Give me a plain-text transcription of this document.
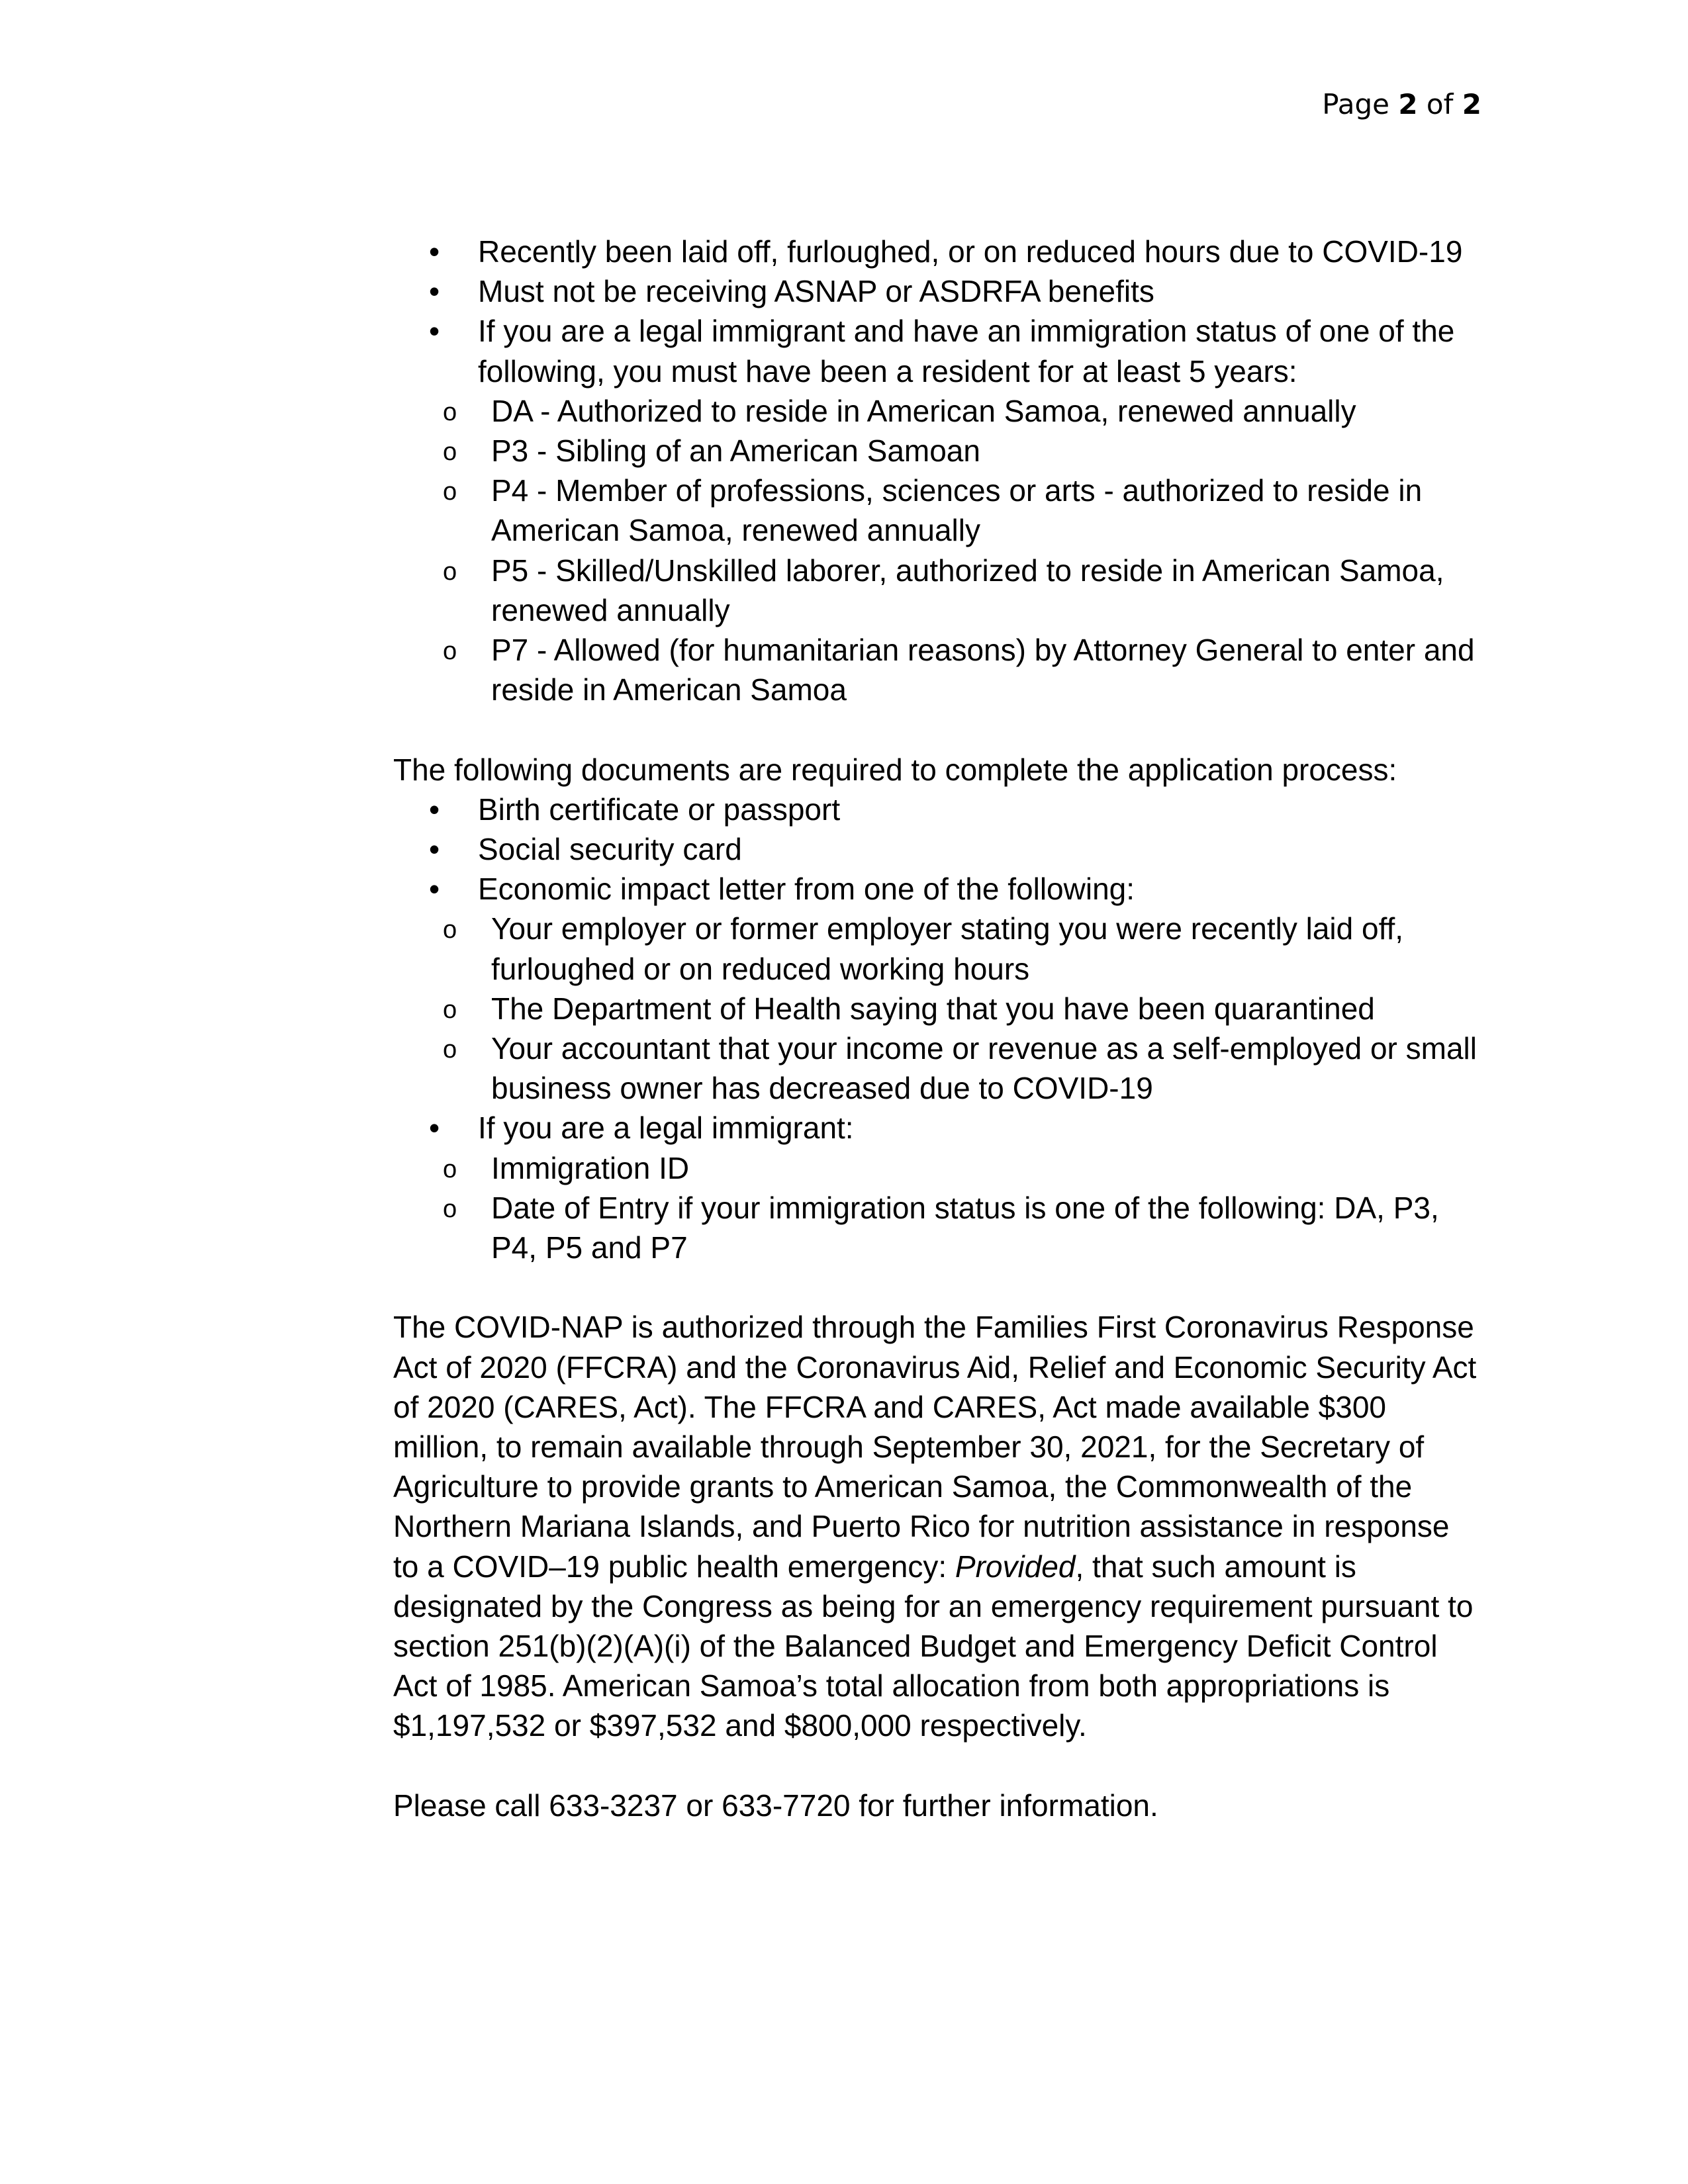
Page 2 of 2
• Recently been laid off, furloughed, or on reduced hours due to COVID-19
• Must not be receiving ASNAP or ASDRFA benefits
• If you are a legal immigrant and have an immigration status of one of the following, you must have been a resident for at least 5 years:
o DA - Authorized to reside in American Samoa, renewed annually
o P3 - Sibling of an American Samoan
o P4 - Member of professions, sciences or arts - authorized to reside in American Samoa, renewed annually
o P5 - Skilled/Unskilled laborer, authorized to reside in American Samoa, renewed annually
o P7 - Allowed (for humanitarian reasons) by Attorney General to enter and reside in American Samoa

The following documents are required to complete the application process:

• Birth certificate or passport
• Social security card
• Economic impact letter from one of the following:
o Your employer or former employer stating you were recently laid off, furloughed or on reduced working hours
o The Department of Health saying that you have been quarantined
o Your accountant that your income or revenue as a self-employed or small business owner has decreased due to COVID-19
• If you are a legal immigrant:
o Immigration ID
o Date of Entry if your immigration status is one of the following: DA, P3, P4, P5 and P7

The COVID-NAP is authorized through the Families First Coronavirus Response Act of 2020 (FFCRA) and the Coronavirus Aid, Relief and Economic Security Act of 2020 (CARES, Act). The FFCRA and CARES, Act made available $300 million, to remain available through September 30, 2021, for the Secretary of Agriculture to provide grants to American Samoa, the Commonwealth of the Northern Mariana Islands, and Puerto Rico for nutrition assistance in response to a COVID–19 public health emergency: Provided, that such amount is designated by the Congress as being for an emergency requirement pursuant to section 251(b)(2)(A)(i) of the Balanced Budget and Emergency Deficit Control Act of 1985. American Samoa’s total allocation from both appropriations is $1,197,532 or $397,532 and $800,000 respectively.

Please call 633-3237 or 633-7720 for further information.
